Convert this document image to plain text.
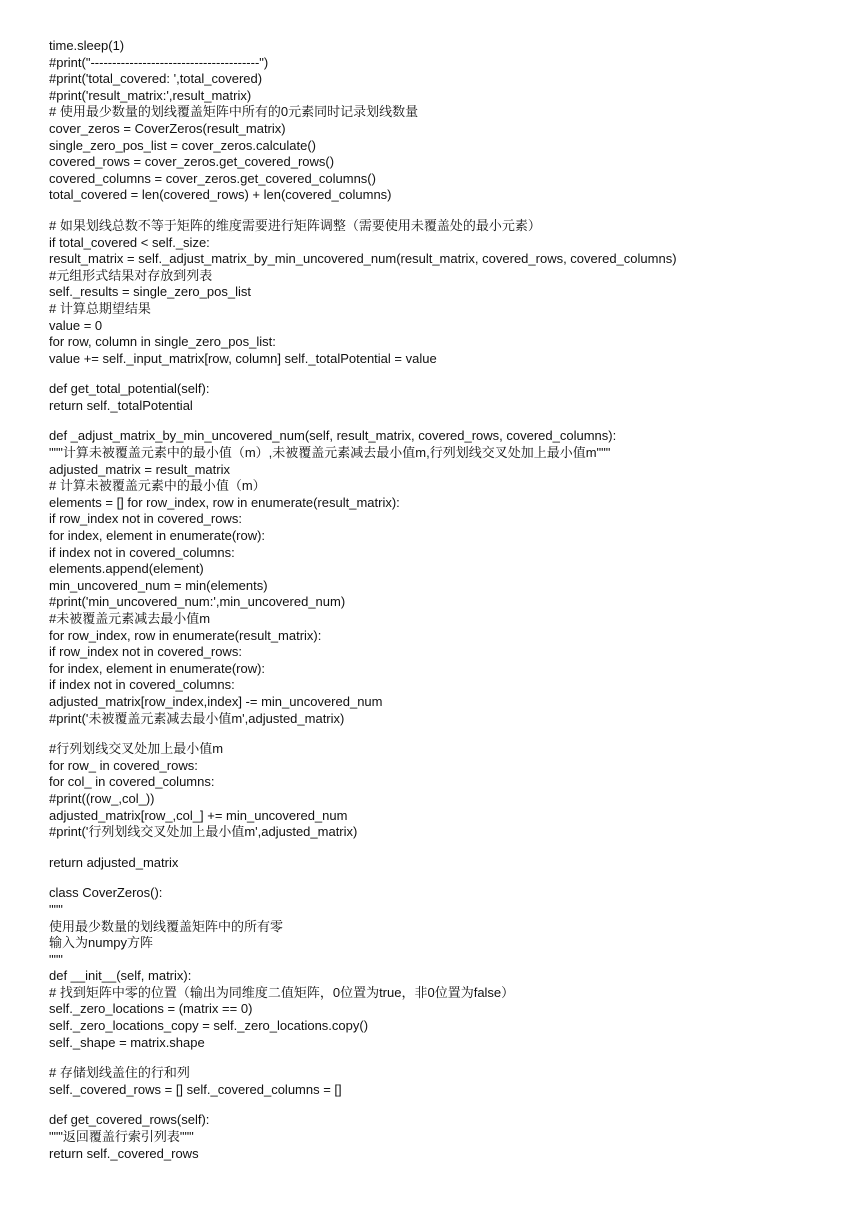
time.sleep(1)
#print("---------------------------------------")
#print('total_covered: ',total_covered)
#print('result_matrix:',result_matrix)
# 使用最少数量的划线覆盖矩阵中所有的0元素同时记录划线数量
cover_zeros = CoverZeros(result_matrix)
single_zero_pos_list = cover_zeros.calculate()
covered_rows = cover_zeros.get_covered_rows()
covered_columns = cover_zeros.get_covered_columns()
total_covered = len(covered_rows) + len(covered_columns)
# 如果划线总数不等于矩阵的维度需要进行矩阵调整（需要使用未覆盖处的最小元素）
if total_covered < self._size:
result_matrix = self._adjust_matrix_by_min_uncovered_num(result_matrix, covered_rows, covered_columns)
#元组形式结果对存放到列表
self._results = single_zero_pos_list
# 计算总期望结果
value = 0
for row, column in single_zero_pos_list:
value += self._input_matrix[row, column] self._totalPotential = value
def get_total_potential(self):
return self._totalPotential
def _adjust_matrix_by_min_uncovered_num(self, result_matrix, covered_rows, covered_columns):
"""计算未被覆盖元素中的最小值（m）,未被覆盖元素减去最小值m,行列划线交叉处加上最小值m"""
adjusted_matrix = result_matrix
# 计算未被覆盖元素中的最小值（m）
elements = [] for row_index, row in enumerate(result_matrix):
if row_index not in covered_rows:
for index, element in enumerate(row):
if index not in covered_columns:
elements.append(element)
min_uncovered_num = min(elements)
#print('min_uncovered_num:',min_uncovered_num)
#未被覆盖元素减去最小值m
for row_index, row in enumerate(result_matrix):
if row_index not in covered_rows:
for index, element in enumerate(row):
if index not in covered_columns:
adjusted_matrix[row_index,index] -= min_uncovered_num
#print('未被覆盖元素减去最小值m',adjusted_matrix)
#行列划线交叉处加上最小值m
for row_ in covered_rows:
for col_ in covered_columns:
#print((row_,col_))
adjusted_matrix[row_,col_] += min_uncovered_num
#print('行列划线交叉处加上最小值m',adjusted_matrix)
return adjusted_matrix
class CoverZeros():
"""
使用最少数量的划线覆盖矩阵中的所有零
输入为numpy方阵
"""
def __init__(self, matrix):
# 找到矩阵中零的位置（输出为同维度二值矩阵，0位置为true，非0位置为false）
self._zero_locations = (matrix == 0)
self._zero_locations_copy = self._zero_locations.copy()
self._shape = matrix.shape
# 存储划线盖住的行和列
self._covered_rows = [] self._covered_columns = []
def get_covered_rows(self):
"""返回覆盖行索引列表"""
return self._covered_rows
